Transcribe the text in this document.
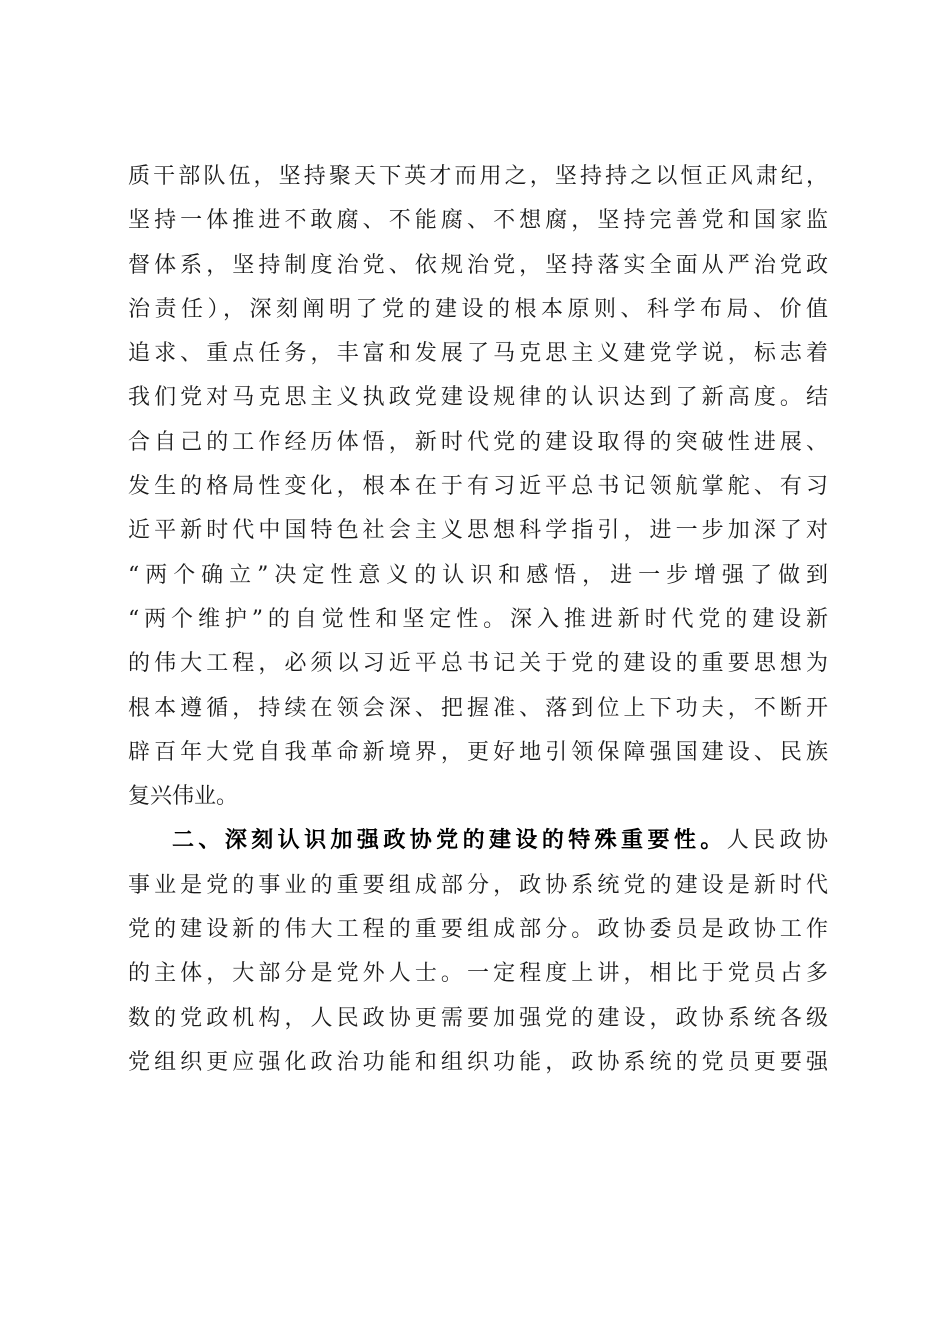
质干部队伍，坚持聚天下英才而用之，坚持持之以恒正风肃纪，
坚持一体推进不敢腐、不能腐、不想腐，坚持完善党和国家监
督体系，坚持制度治党、依规治党，坚持落实全面从严治党政
治责任），深刻阐明了党的建设的根本原则、科学布局、价值
追求、重点任务，丰富和发展了马克思主义建党学说，标志着
我们党对马克思主义执政党建设规律的认识达到了新高度。结
合自己的工作经历体悟，新时代党的建设取得的突破性进展、
发生的格局性变化，根本在于有习近平总书记领航掌舵、有习
近平新时代中国特色社会主义思想科学指引，进一步加深了对
“两个确立”决定性意义的认识和感悟，进一步增强了做到
“两个维护”的自觉性和坚定性。深入推进新时代党的建设新
的伟大工程，必须以习近平总书记关于党的建设的重要思想为
根本遵循，持续在领会深、把握准、落到位上下功夫，不断开
辟百年大党自我革命新境界，更好地引领保障强国建设、民族
复兴伟业。
二、深刻认识加强政协党的建设的特殊重要性。人民政协
事业是党的事业的重要组成部分，政协系统党的建设是新时代
党的建设新的伟大工程的重要组成部分。政协委员是政协工作
的主体，大部分是党外人士。一定程度上讲，相比于党员占多
数的党政机构，人民政协更需要加强党的建设，政协系统各级
党组织更应强化政治功能和组织功能，政协系统的党员更要强
